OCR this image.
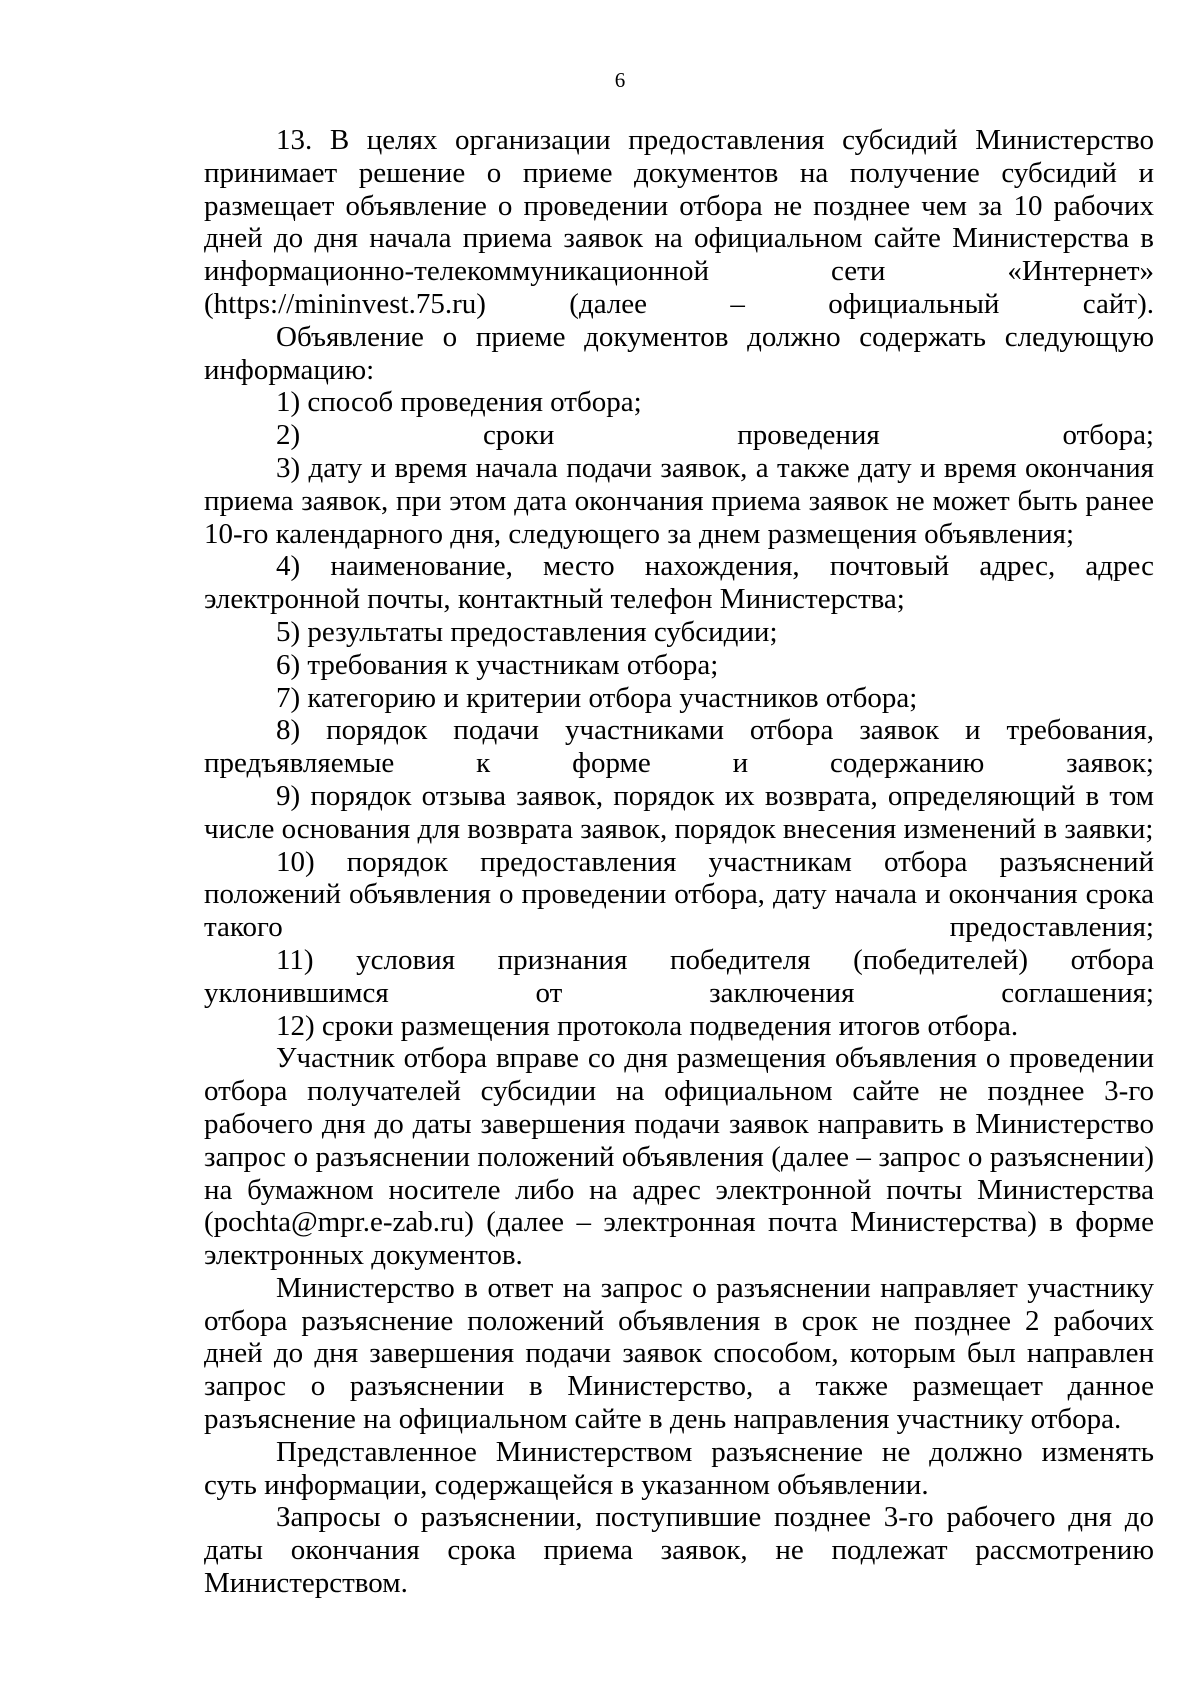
6

13. В целях организации предоставления субсидий Министерство принимает решение о приеме документов на получение субсидий и размещает объявление о проведении отбора не позднее чем за 10 рабочих дней до дня начала приема заявок на официальном сайте Министерства в информационно-телекоммуникационной сети «Интернет» (https://mininvest.75.ru) (далее – официальный сайт).

Объявление о приеме документов должно содержать следующую информацию:

1) способ проведения отбора;

2) сроки проведения отбора;

3) дату и время начала подачи заявок, а также дату и время окончания приема заявок, при этом дата окончания приема заявок не может быть ранее 10-го календарного дня, следующего за днем размещения объявления;

4) наименование, место нахождения, почтовый адрес, адрес электронной почты, контактный телефон Министерства;

5) результаты предоставления субсидии;

6) требования к участникам отбора;

7) категорию и критерии отбора участников отбора;

8) порядок подачи участниками отбора заявок и требования, предъявляемые к форме и содержанию заявок;

9) порядок отзыва заявок, порядок их возврата, определяющий в том числе основания для возврата заявок, порядок внесения изменений в заявки;

10) порядок предоставления участникам отбора разъяснений положений объявления о проведении отбора, дату начала и окончания срока такого предоставления;

11) условия признания победителя (победителей) отбора уклонившимся от заключения соглашения;

12) сроки размещения протокола подведения итогов отбора.

Участник отбора вправе со дня размещения объявления о проведении отбора получателей субсидии на официальном сайте не позднее 3-го рабочего дня до даты завершения подачи заявок направить в Министерство запрос о разъяснении положений объявления (далее – запрос о разъяснении) на бумажном носителе либо на адрес электронной почты Министерства (pochta@mpr.e-zab.ru) (далее – электронная почта Министерства) в форме электронных документов.

Министерство в ответ на запрос о разъяснении направляет участнику отбора разъяснение положений объявления в срок не позднее 2 рабочих дней до дня завершения подачи заявок способом, которым был направлен запрос о разъяснении в Министерство, а также размещает данное разъяснение на официальном сайте в день направления участнику отбора.

Представленное Министерством разъяснение не должно изменять суть информации, содержащейся в указанном объявлении.

Запросы о разъяснении, поступившие позднее 3-го рабочего дня до даты окончания срока приема заявок, не подлежат рассмотрению Министерством.
